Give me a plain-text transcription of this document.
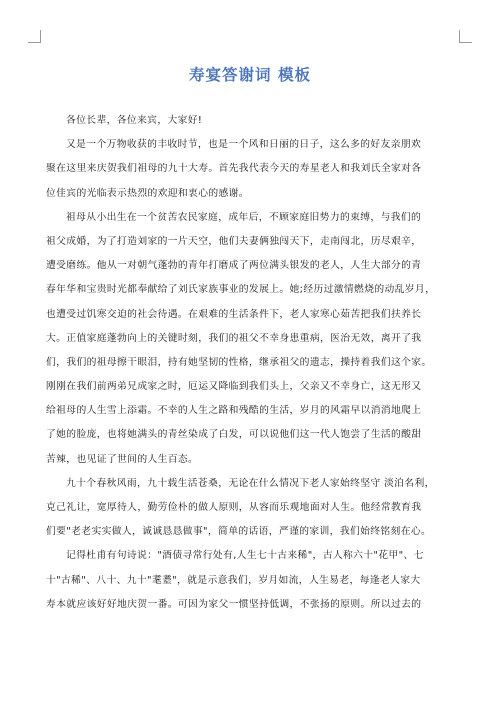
寿宴答谢词 模板
各位长辈，各位来宾，大家好!
又是一个万物收获的丰收时节，也是一个风和日丽的日子，这么多的好友亲朋欢
聚在这里来庆贺我们祖母的九十大寿。首先我代表今天的寿星老人和我刘氏全家对各
位佳宾的光临表示热烈的欢迎和衷心的感谢。
祖母从小出生在一个贫苦农民家庭，成年后，不顾家庭旧势力的束缚，与我们的
祖父成婚，为了打造刘家的一片天空，他们夫妻俩独闯天下，走南闯北，历尽艰辛，
遭受磨练。他从一对朝气蓬勃的青年打磨成了两位满头银发的老人，人生大部分的青
春年华和宝贵时光都奉献给了刘氏家族事业的发展上。她;经历过激情燃烧的动乱岁月，
也遭受过饥寒交迫的社会待遇。在艰难的生活条件下，老人家寒心茹苦把我们扶养长
大。正值家庭蓬勃向上的关键时刻，我们的祖父不幸身患重病，医治无效，离开了我
们，我们的祖母擦干眼泪，持有她坚韧的性格，继承祖父的遗志，操持着我们这个家。
刚刚在我们前两弟兄成家之时，厄运又降临到我们头上，父亲又不幸身亡，这无形又
给祖母的人生雪上添霜。不幸的人生之路和残酷的生活，岁月的风霜早以消消地爬上
了她的脸庞，也将她满头的青丝染成了白发，可以说他们这一代人饱尝了生活的酸甜
苦辣，也见证了世间的人生百态。
九十个春秋风雨，九十载生活苍桑，无论在什么情况下老人家始终坚守 淡泊名利，
克己礼让，宽厚待人，勤劳俭朴的做人原则，从容而乐观地面对人生。他经常教育我
们要"老老实实做人，诚诚恳恳做事"，简单的话语，严谨的家训，我们始终铭刻在心。
记得杜甫有句诗说："酒债寻常行处有,人生七十古来稀"，古人称六十"花甲"、七
十"古稀"、八十、九十"耄耋"，就是示意我们，岁月如流，人生易老，每逢老人家大
寿本就应该好好地庆贺一番。可因为家父一惯坚持低调，不张扬的原则。所以过去的
